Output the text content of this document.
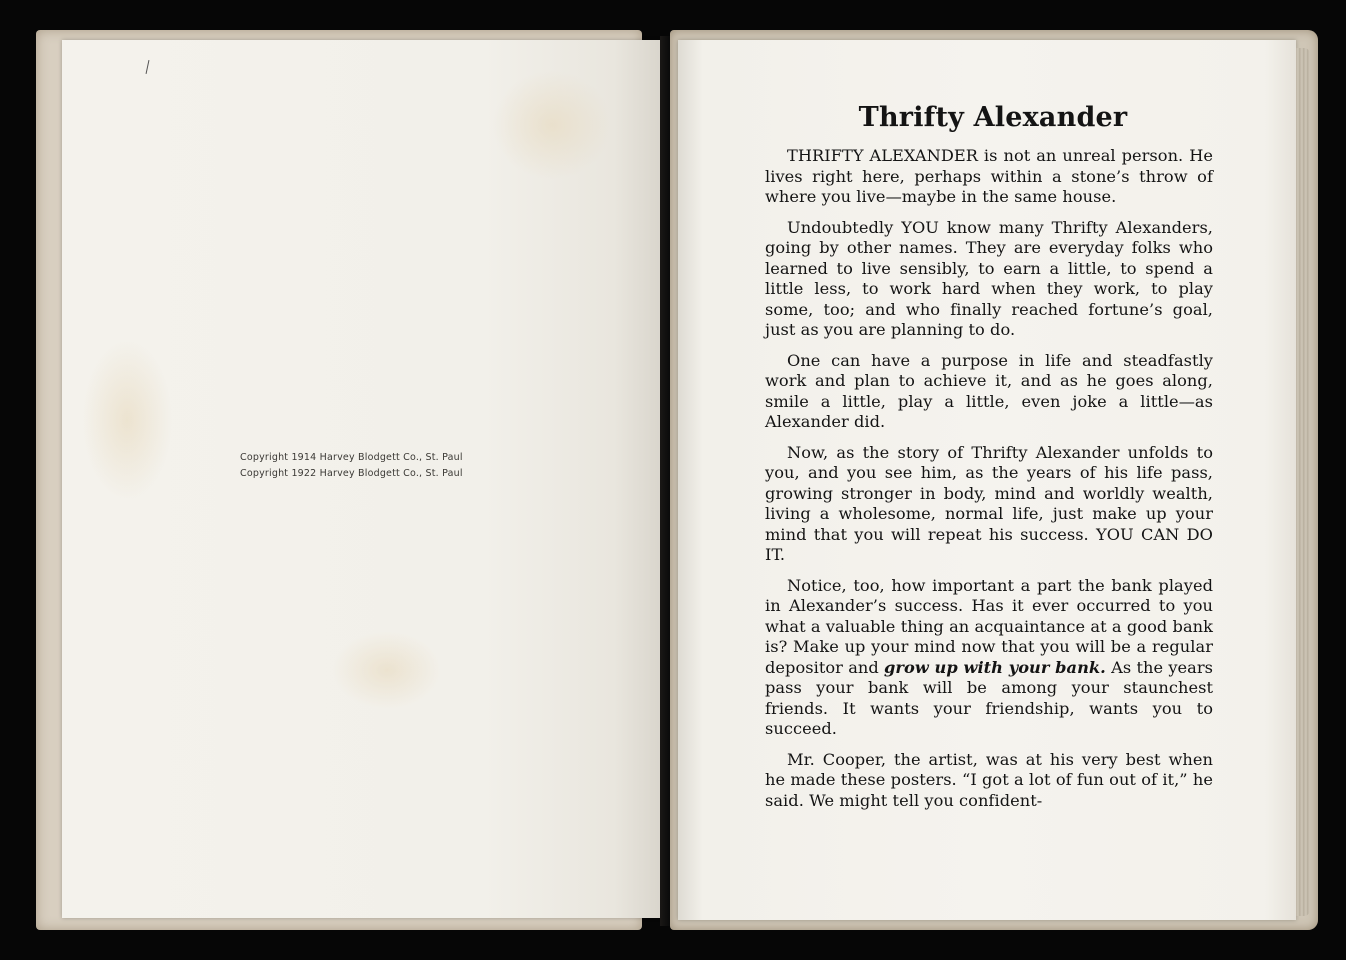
Copyright 1914 Harvey Blodgett Co., St. Paul
Copyright 1922 Harvey Blodgett Co., St. Paul
Thrifty Alexander

THRIFTY ALEXANDER is not an unreal person. He lives right here, perhaps within a stone’s throw of where you live—maybe in the same house.

Undoubtedly YOU know many Thrifty Alexanders, going by other names. They are everyday folks who learned to live sensibly, to earn a little, to spend a little less, to work hard when they work, to play some, too; and who finally reached fortune’s goal, just as you are planning to do.

One can have a purpose in life and steadfastly work and plan to achieve it, and as he goes along, smile a little, play a little, even joke a little—as Alexander did.

Now, as the story of Thrifty Alexander unfolds to you, and you see him, as the years of his life pass, growing stronger in body, mind and worldly wealth, living a wholesome, normal life, just make up your mind that you will repeat his success. YOU CAN DO IT.

Notice, too, how important a part the bank played in Alexander’s success. Has it ever occurred to you what a valuable thing an acquaintance at a good bank is? Make up your mind now that you will be a regular depositor and grow up with your bank. As the years pass your bank will be among your staunchest friends. It wants your friendship, wants you to succeed.

Mr. Cooper, the artist, was at his very best when he made these posters. “I got a lot of fun out of it,” he said. We might tell you confident-
